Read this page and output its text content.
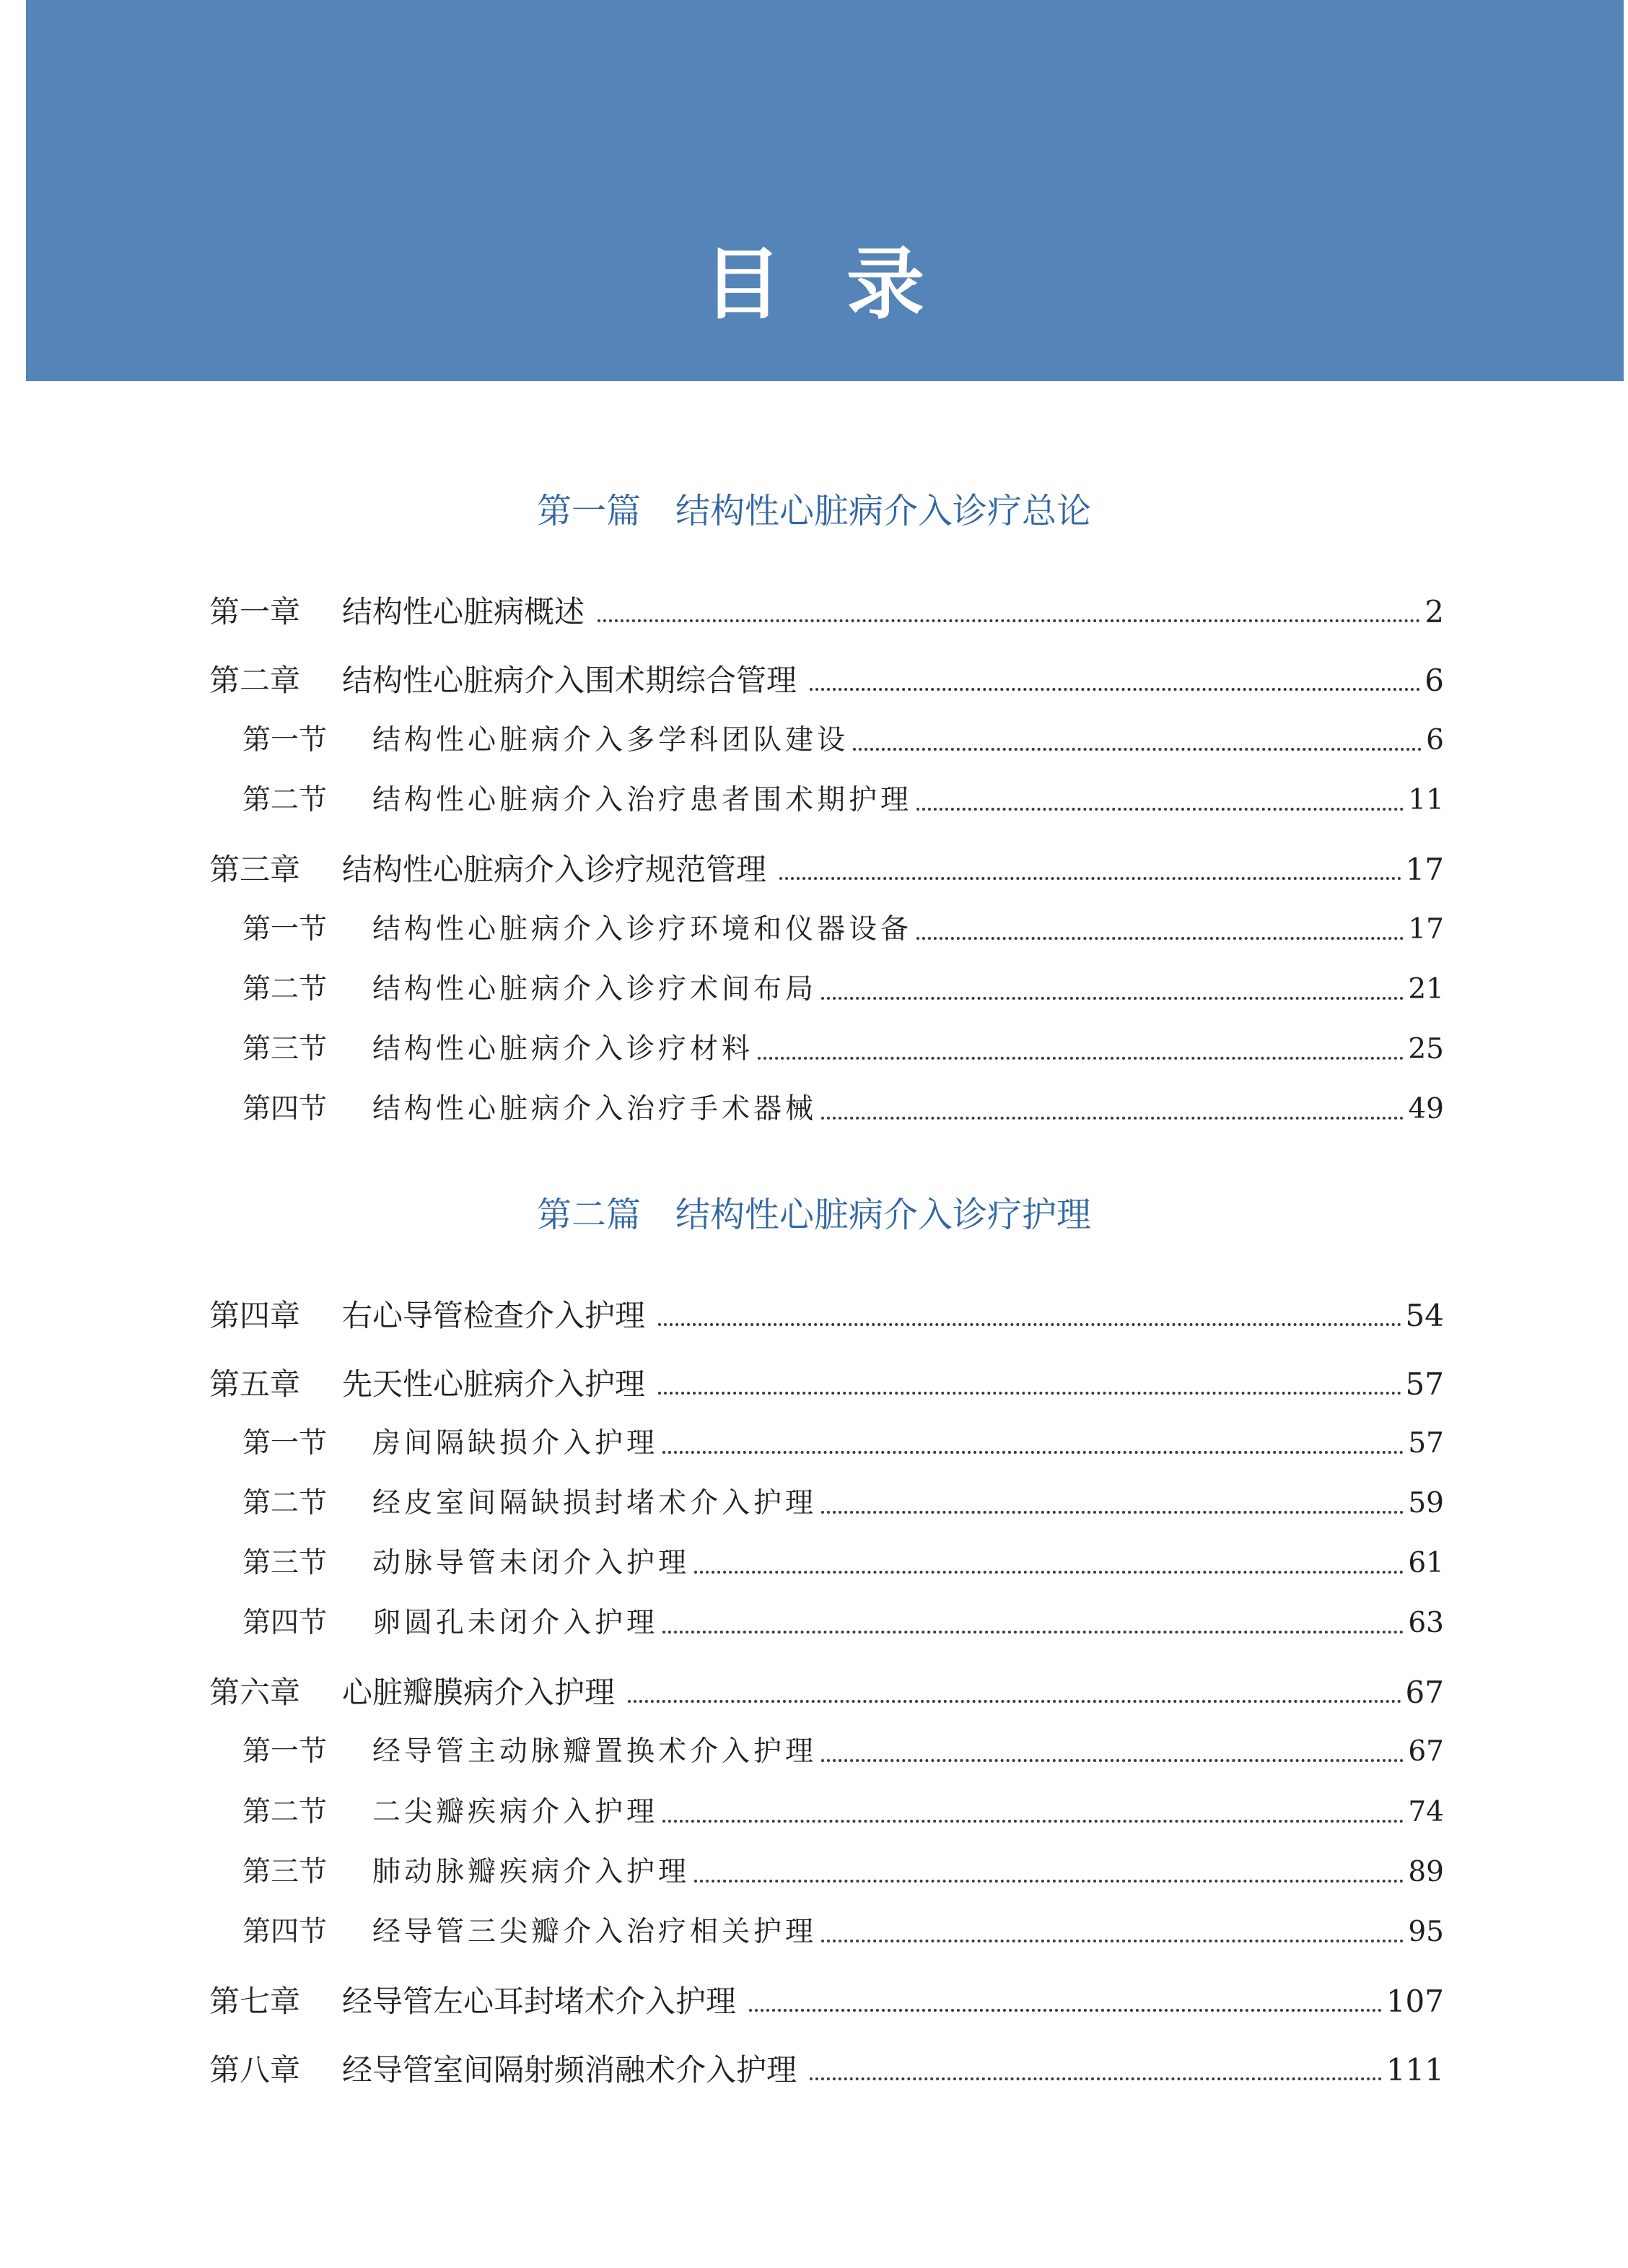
目录
第一篇　结构性心脏病介入诊疗总论
第一章	结构性心脏病概述	2
第二章	结构性心脏病介入围术期综合管理	6
第一节	结构性心脏病介入多学科团队建设	6
第二节	结构性心脏病介入治疗患者围术期护理	11
第三章	结构性心脏病介入诊疗规范管理	17
第一节	结构性心脏病介入诊疗环境和仪器设备	17
第二节	结构性心脏病介入诊疗术间布局	21
第三节	结构性心脏病介入诊疗材料	25
第四节	结构性心脏病介入治疗手术器械	49
第二篇　结构性心脏病介入诊疗护理
第四章	右心导管检查介入护理	54
第五章	先天性心脏病介入护理	57
第一节	房间隔缺损介入护理	57
第二节	经皮室间隔缺损封堵术介入护理	59
第三节	动脉导管未闭介入护理	61
第四节	卵圆孔未闭介入护理	63
第六章	心脏瓣膜病介入护理	67
第一节	经导管主动脉瓣置换术介入护理	67
第二节	二尖瓣疾病介入护理	74
第三节	肺动脉瓣疾病介入护理	89
第四节	经导管三尖瓣介入治疗相关护理	95
第七章	经导管左心耳封堵术介入护理	107
第八章	经导管室间隔射频消融术介入护理	111
